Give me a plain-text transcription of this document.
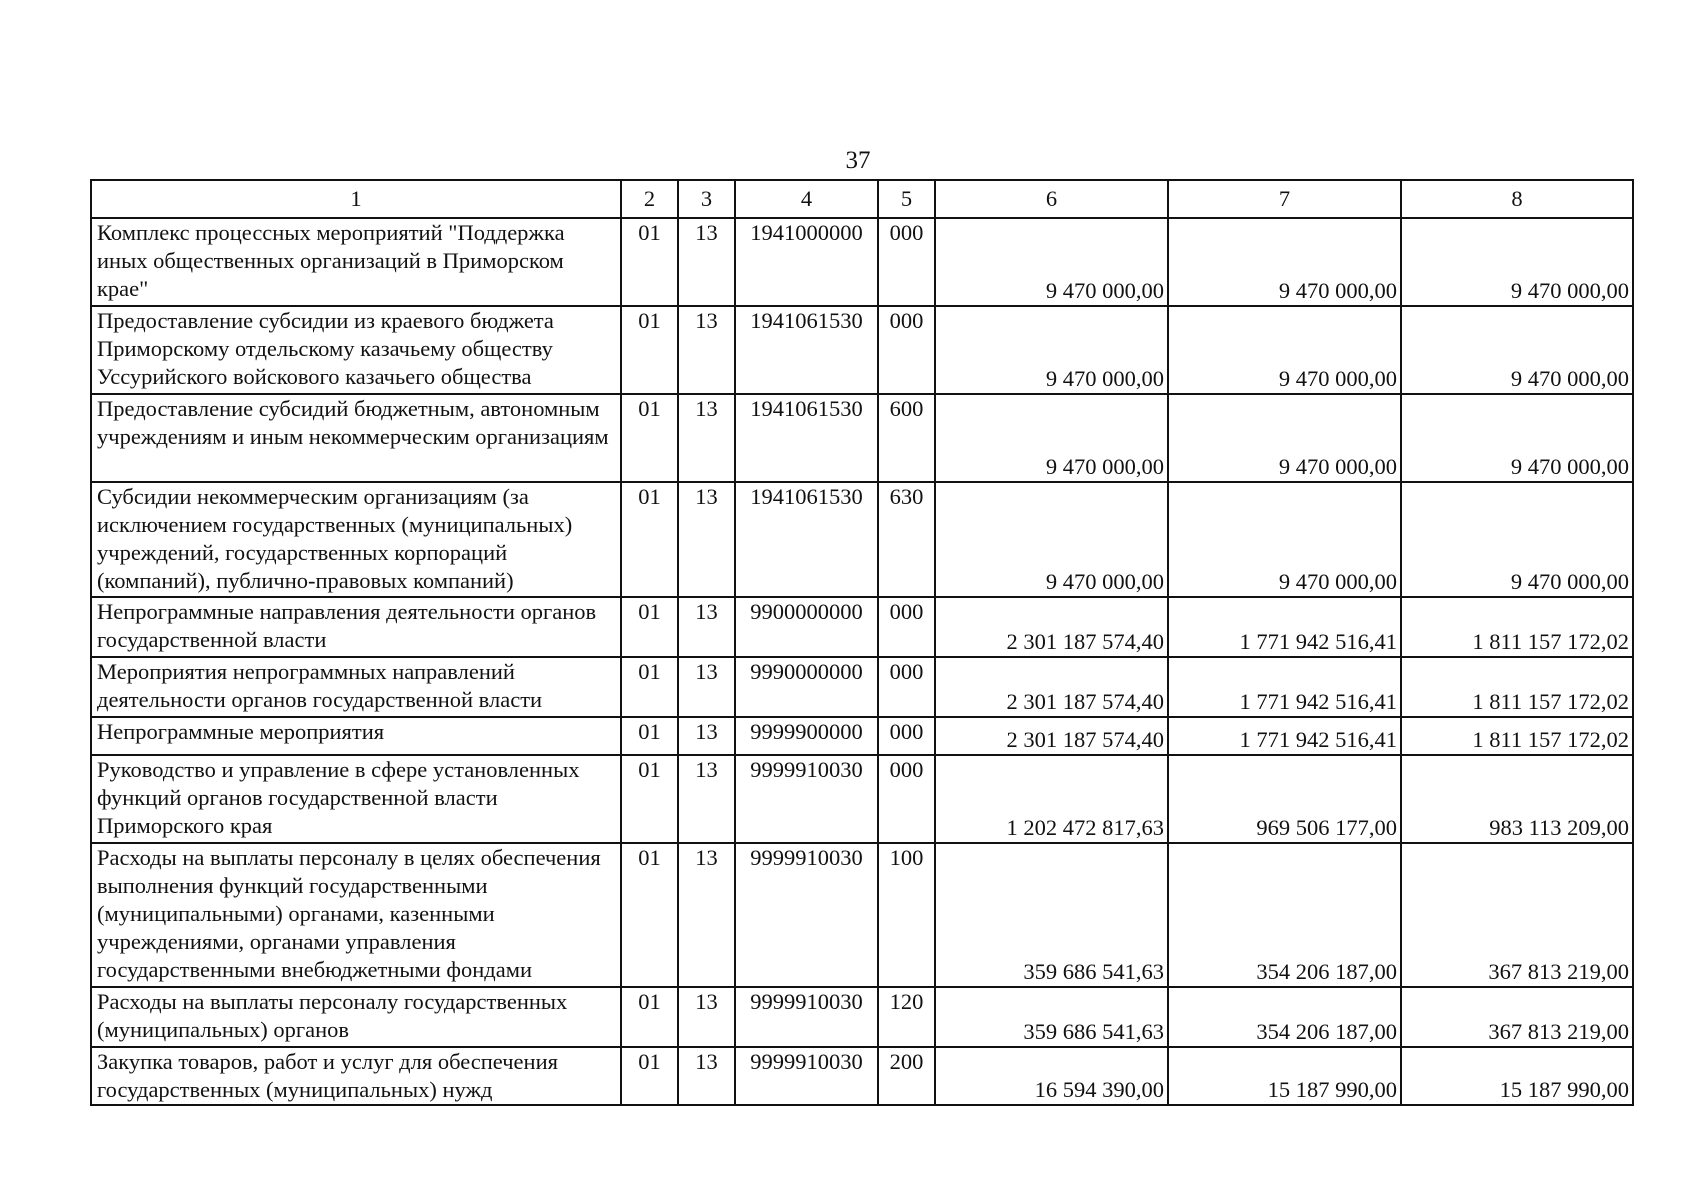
37
1	2	3	4	5	6	7	8
Комплекс процессных мероприятий "Поддержка иных общественных организаций в Приморском крае"	01	13	1941000000	000	9 470 000,00	9 470 000,00	9 470 000,00
Предоставление субсидии из краевого бюджета Приморскому отдельскому казачьему обществу Уссурийского войскового казачьего общества	01	13	1941061530	000	9 470 000,00	9 470 000,00	9 470 000,00
Предоставление субсидий бюджетным, автономным учреждениям и иным некоммерческим организациям	01	13	1941061530	600	9 470 000,00	9 470 000,00	9 470 000,00
Субсидии некоммерческим организациям (за исключением государственных (муниципальных) учреждений, государственных корпораций (компаний), публично-правовых компаний)	01	13	1941061530	630	9 470 000,00	9 470 000,00	9 470 000,00
Непрограммные направления деятельности органов государственной власти	01	13	9900000000	000	2 301 187 574,40	1 771 942 516,41	1 811 157 172,02
Мероприятия непрограммных направлений деятельности органов государственной власти	01	13	9990000000	000	2 301 187 574,40	1 771 942 516,41	1 811 157 172,02
Непрограммные мероприятия	01	13	9999900000	000	2 301 187 574,40	1 771 942 516,41	1 811 157 172,02
Руководство и управление в сфере установленных функций органов государственной власти Приморского края	01	13	9999910030	000	1 202 472 817,63	969 506 177,00	983 113 209,00
Расходы на выплаты персоналу в целях обеспечения выполнения функций государственными (муниципальными) органами, казенными учреждениями, органами управления государственными внебюджетными фондами	01	13	9999910030	100	359 686 541,63	354 206 187,00	367 813 219,00
Расходы на выплаты персоналу государственных (муниципальных) органов	01	13	9999910030	120	359 686 541,63	354 206 187,00	367 813 219,00
Закупка товаров, работ и услуг для обеспечения государственных (муниципальных) нужд	01	13	9999910030	200	16 594 390,00	15 187 990,00	15 187 990,00
